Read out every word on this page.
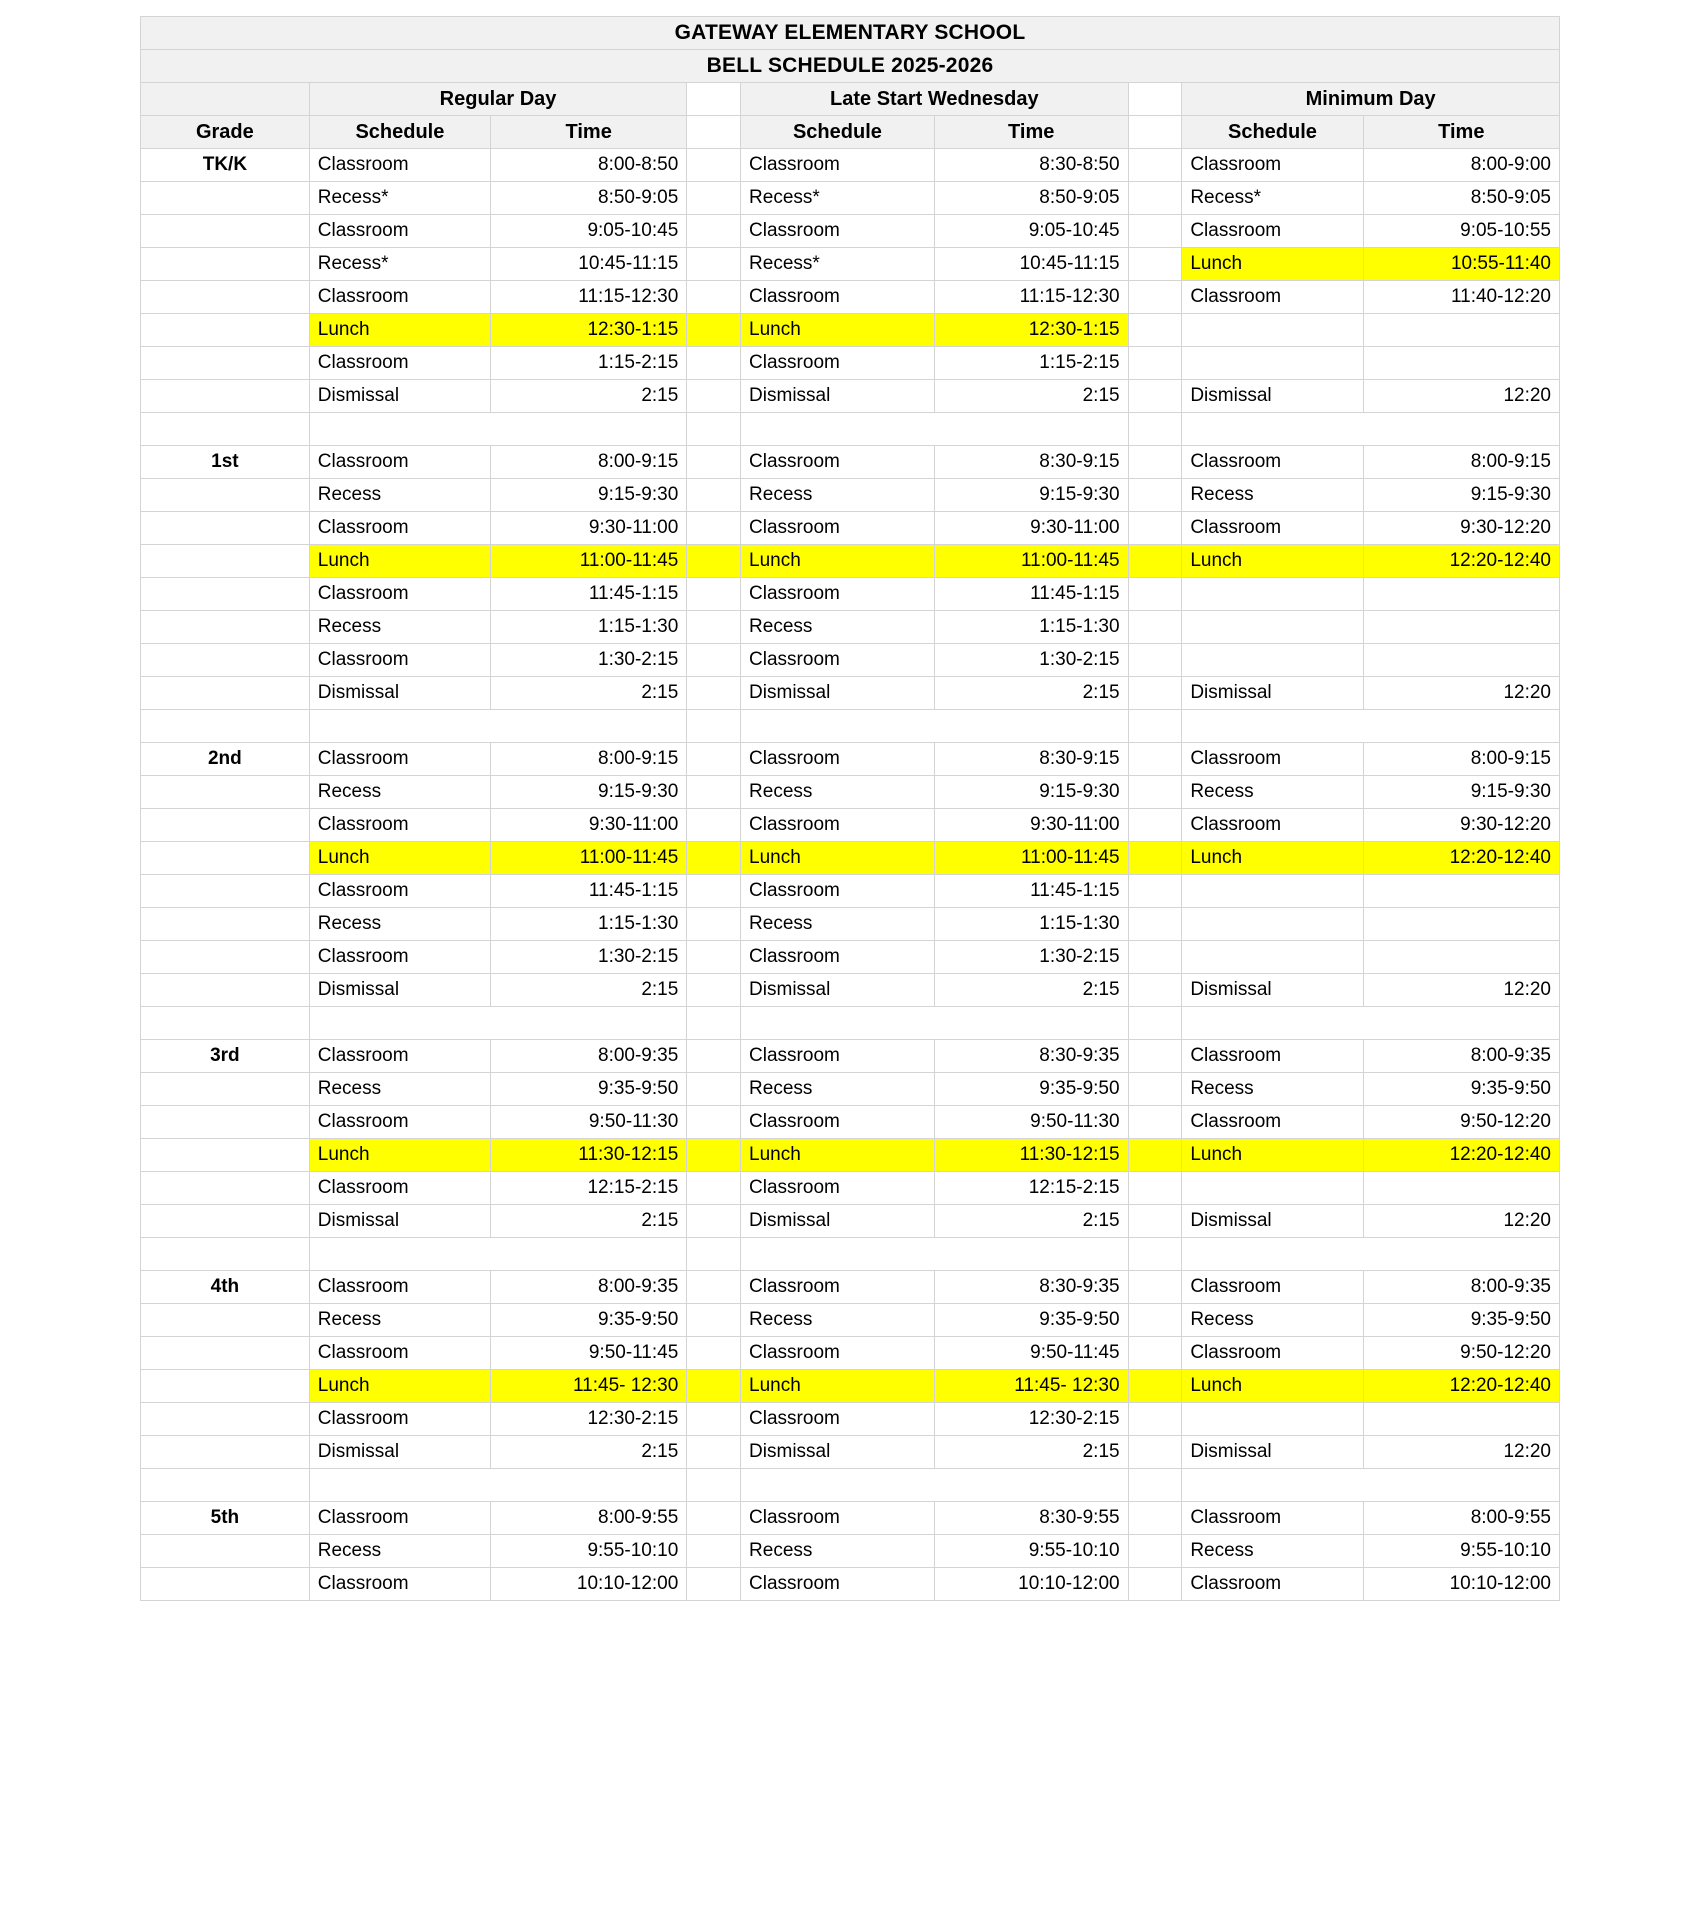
GATEWAY ELEMENTARY SCHOOL								
BELL SCHEDULE 2025-2026								
	Regular Day			Late Start Wednesday			Minimum Day	
Grade	Schedule	Time		Schedule	Time		Schedule	Time
TK/K	Classroom	8:00-8:50		Classroom	8:30-8:50		Classroom	8:00-9:00
	Recess*	8:50-9:05		Recess*	8:50-9:05		Recess*	8:50-9:05
	Classroom	9:05-10:45		Classroom	9:05-10:45		Classroom	9:05-10:55
	Recess*	10:45-11:15		Recess*	10:45-11:15		Lunch	10:55-11:40
	Classroom	11:15-12:30		Classroom	11:15-12:30		Classroom	11:40-12:20
	Lunch	12:30-1:15		Lunch	12:30-1:15			
	Classroom	1:15-2:15		Classroom	1:15-2:15			
	Dismissal	2:15		Dismissal	2:15		Dismissal	12:20

1st	Classroom	8:00-9:15		Classroom	8:30-9:15		Classroom	8:00-9:15
	Recess	9:15-9:30		Recess	9:15-9:30		Recess	9:15-9:30
	Classroom	9:30-11:00		Classroom	9:30-11:00		Classroom	9:30-12:20
	Lunch	11:00-11:45		Lunch	11:00-11:45		Lunch	12:20-12:40
	Classroom	11:45-1:15		Classroom	11:45-1:15			
	Recess	1:15-1:30		Recess	1:15-1:30			
	Classroom	1:30-2:15		Classroom	1:30-2:15			
	Dismissal	2:15		Dismissal	2:15		Dismissal	12:20

2nd	Classroom	8:00-9:15		Classroom	8:30-9:15		Classroom	8:00-9:15
	Recess	9:15-9:30		Recess	9:15-9:30		Recess	9:15-9:30
	Classroom	9:30-11:00		Classroom	9:30-11:00		Classroom	9:30-12:20
	Lunch	11:00-11:45		Lunch	11:00-11:45		Lunch	12:20-12:40
	Classroom	11:45-1:15		Classroom	11:45-1:15			
	Recess	1:15-1:30		Recess	1:15-1:30			
	Classroom	1:30-2:15		Classroom	1:30-2:15			
	Dismissal	2:15		Dismissal	2:15		Dismissal	12:20

3rd	Classroom	8:00-9:35		Classroom	8:30-9:35		Classroom	8:00-9:35
	Recess	9:35-9:50		Recess	9:35-9:50		Recess	9:35-9:50
	Classroom	9:50-11:30		Classroom	9:50-11:30		Classroom	9:50-12:20
	Lunch	11:30-12:15		Lunch	11:30-12:15		Lunch	12:20-12:40
	Classroom	12:15-2:15		Classroom	12:15-2:15			
	Dismissal	2:15		Dismissal	2:15		Dismissal	12:20

4th	Classroom	8:00-9:35		Classroom	8:30-9:35		Classroom	8:00-9:35
	Recess	9:35-9:50		Recess	9:35-9:50		Recess	9:35-9:50
	Classroom	9:50-11:45		Classroom	9:50-11:45		Classroom	9:50-12:20
	Lunch	11:45- 12:30		Lunch	11:45- 12:30		Lunch	12:20-12:40
	Classroom	12:30-2:15		Classroom	12:30-2:15			
	Dismissal	2:15		Dismissal	2:15		Dismissal	12:20

5th	Classroom	8:00-9:55		Classroom	8:30-9:55		Classroom	8:00-9:55
	Recess	9:55-10:10		Recess	9:55-10:10		Recess	9:55-10:10
	Classroom	10:10-12:00		Classroom	10:10-12:00		Classroom	10:10-12:00
